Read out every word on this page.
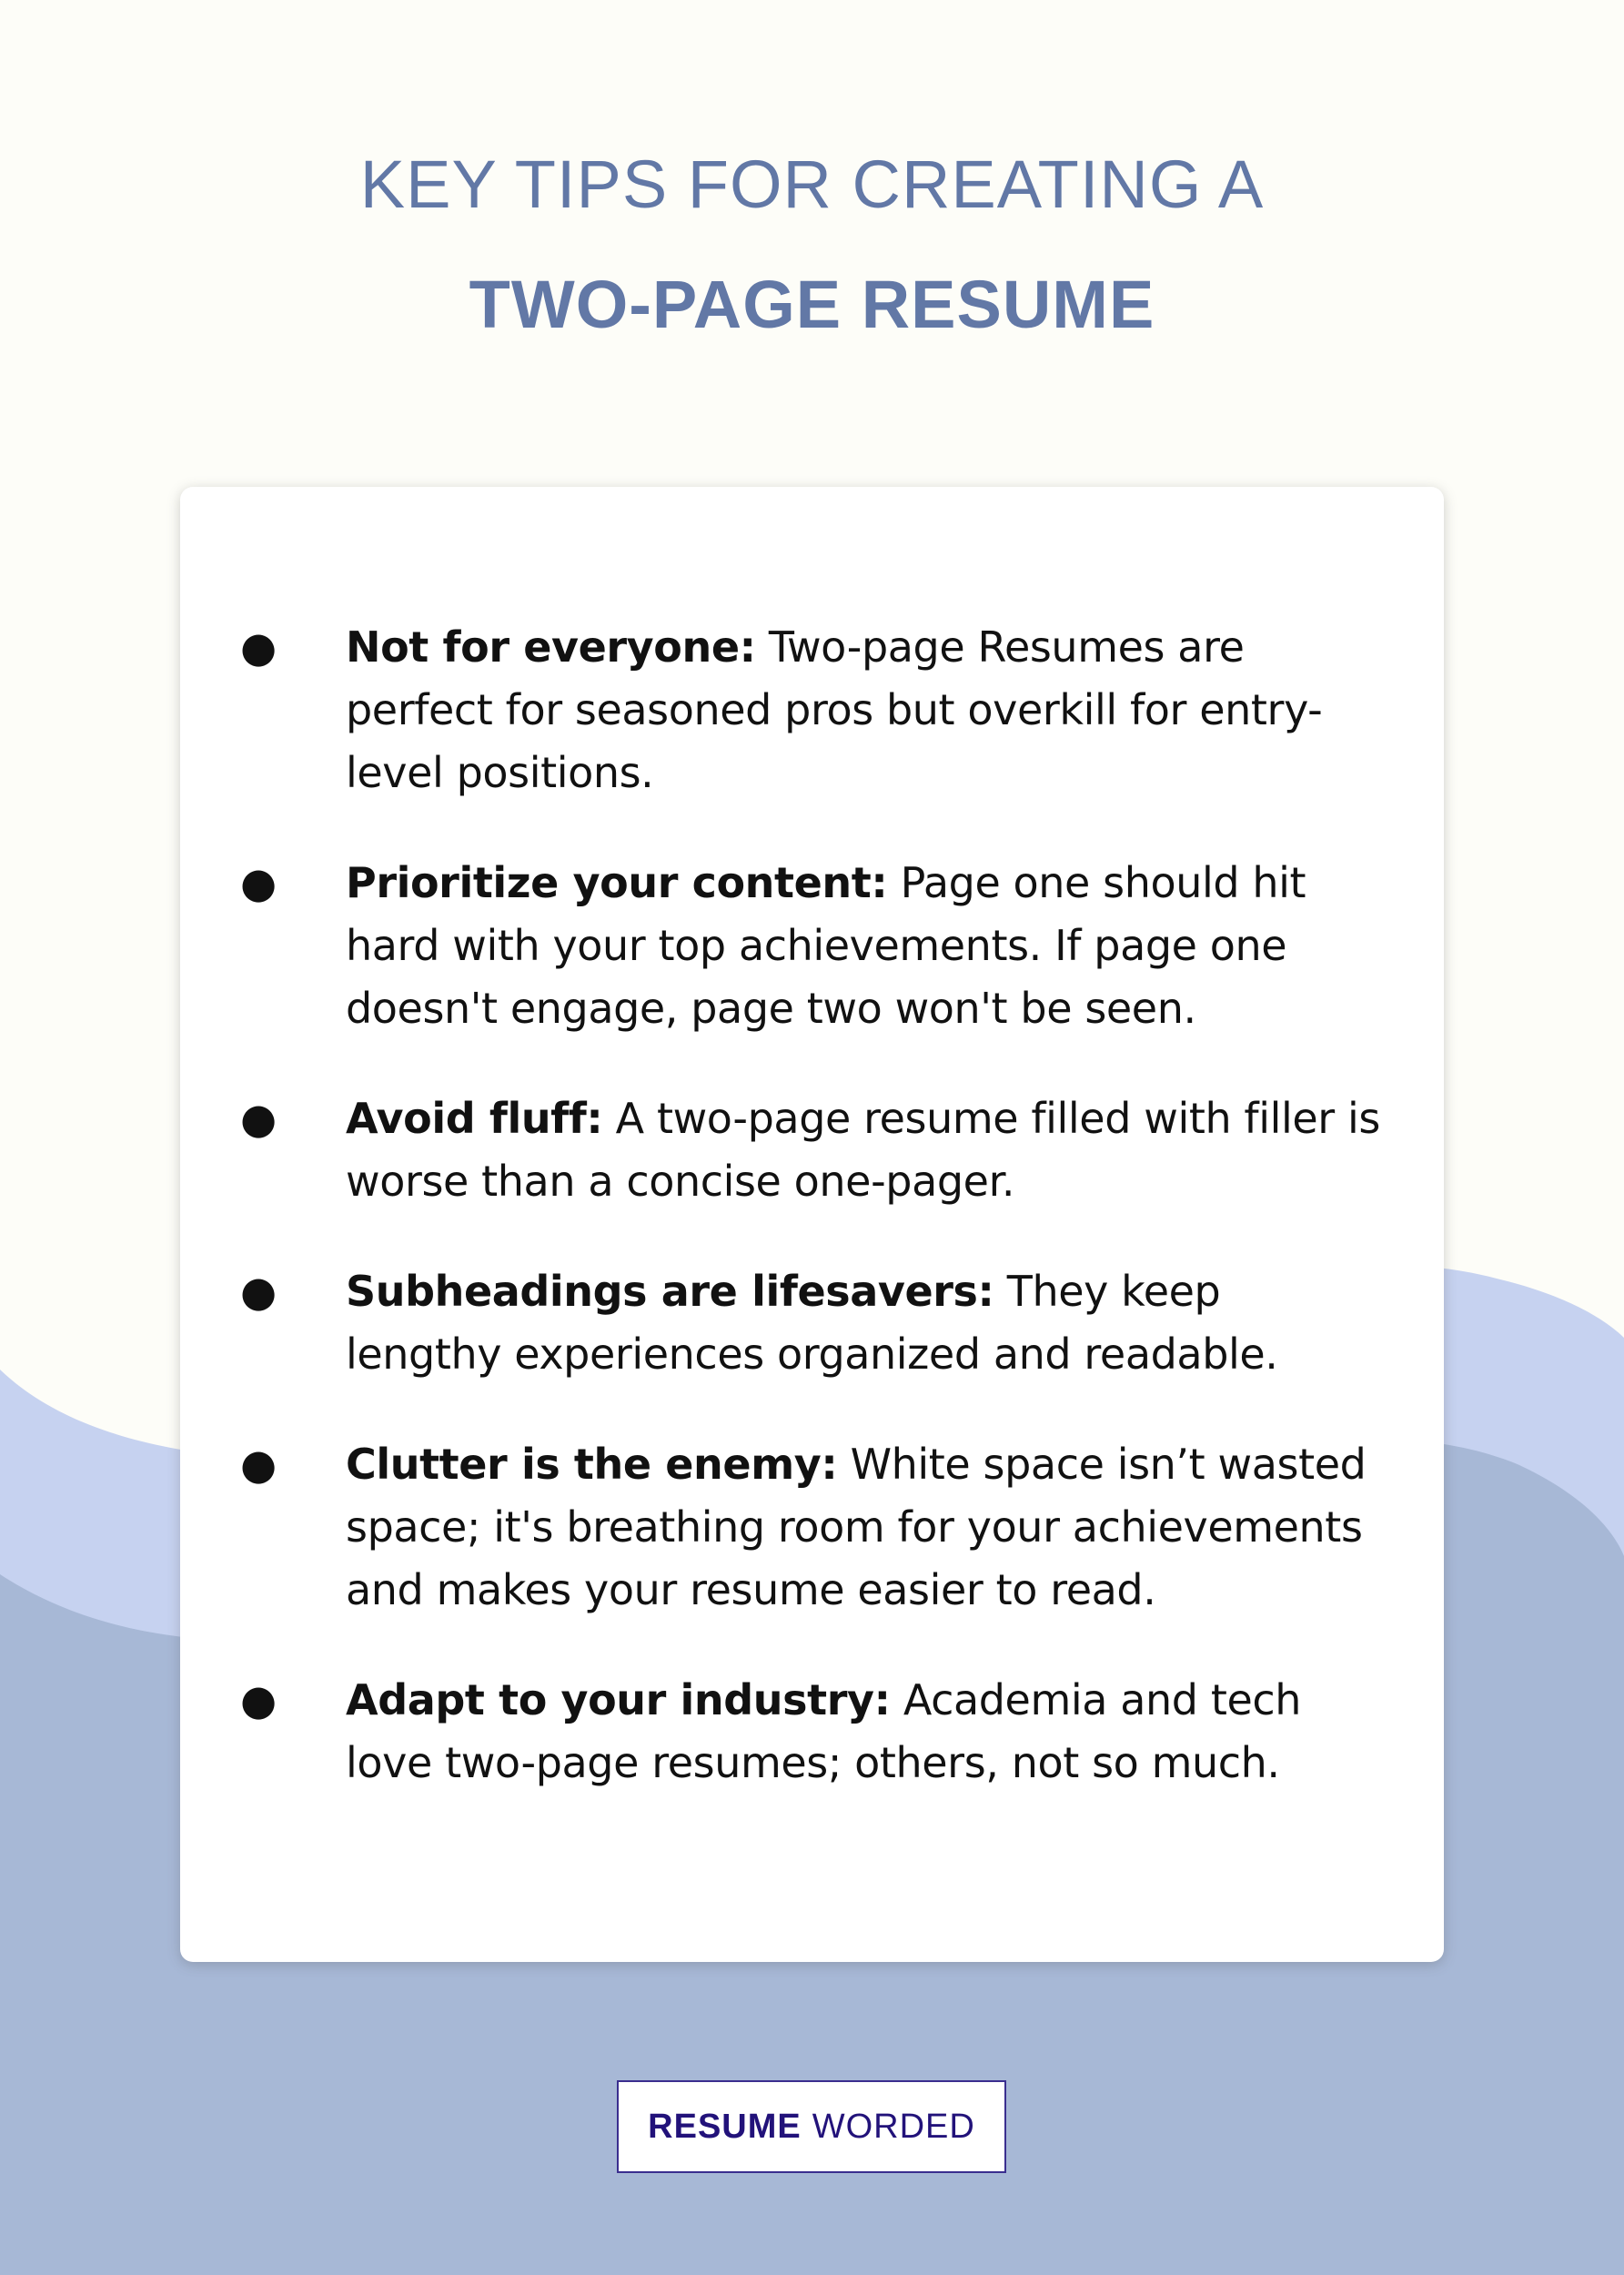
KEY TIPS FOR CREATING A
TWO-PAGE RESUME
● Not for everyone: Two-page Resumes are perfect for seasoned pros but overkill for entry-level positions.
● Prioritize your content: Page one should hit hard with your top achievements. If page one doesn't engage, page two won't be seen.
● Avoid fluff: A two-page resume filled with filler is worse than a concise one-pager.
● Subheadings are lifesavers: They keep lengthy experiences organized and readable.
● Clutter is the enemy: White space isn’t wasted space; it's breathing room for your achievements and makes your resume easier to read.
● Adapt to your industry: Academia and tech love two-page resumes; others, not so much.
RESUME WORDED
